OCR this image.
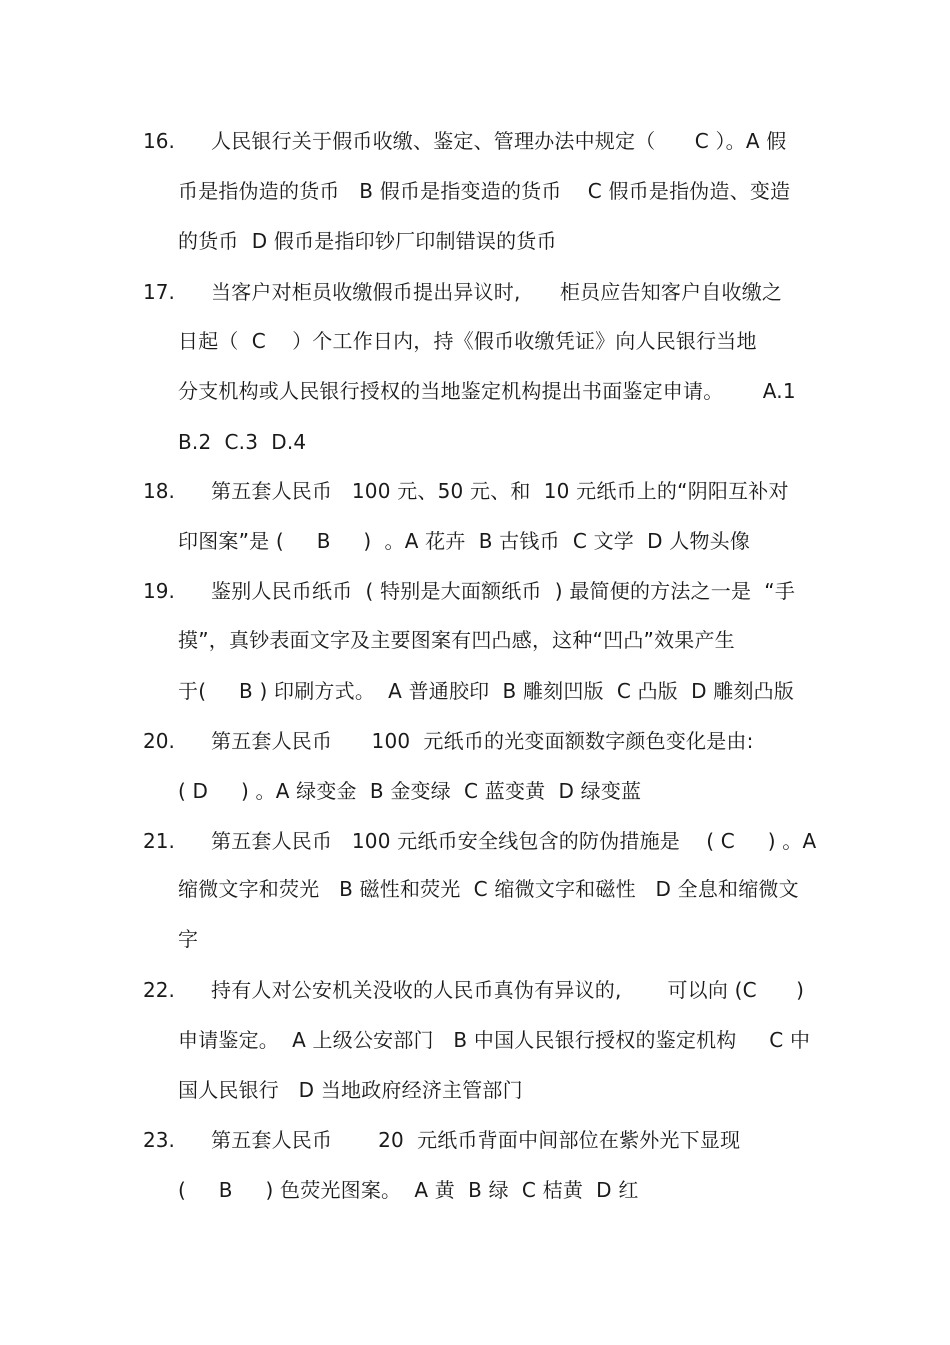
16. 人民银行关于假币收缴、鉴定、管理办法中规定（      C ）。A 假
币是指伪造的货币   B 假币是指变造的货币    C 假币是指伪造、变造
的货币  D 假币是指印钞厂印制错误的货币
17. 当客户对柜员收缴假币提出异议时,      柜员应告知客户自收缴之
日起（  C    ）个工作日内，持《假币收缴凭证》向人民银行当地
分支机构或人民银行授权的当地鉴定机构提出书面鉴定申请。      A.1
B.2  C.3  D.4
18. 第五套人民币   100 元、50 元、和  10 元纸币上的“阴阳互补对
印图案”是 (     B     )  。A 花卉  B 古钱币  C 文学  D 人物头像
19. 鉴别人民币纸币  ( 特别是大面额纸币  ) 最简便的方法之一是  “手
摸”，真钞表面文字及主要图案有凹凸感，这种“凹凸”效果产生
于(     B ) 印刷方式。  A 普通胶印  B 雕刻凹版  C 凸版  D 雕刻凸版
20. 第五套人民币      100  元纸币的光变面额数字颜色变化是由:
( D     ) 。A 绿变金  B 金变绿  C 蓝变黄  D 绿变蓝
21. 第五套人民币   100 元纸币安全线包含的防伪措施是    ( C     ) 。A
缩微文字和荧光   B 磁性和荧光  C 缩微文字和磁性   D 全息和缩微文
字
22. 持有人对公安机关没收的人民币真伪有异议的,       可以向 (C      )
申请鉴定。  A 上级公安部门   B 中国人民银行授权的鉴定机构     C 中
国人民银行   D 当地政府经济主管部门
23. 第五套人民币       20  元纸币背面中间部位在紫外光下显现
(     B     ) 色荧光图案。  A 黄  B 绿  C 桔黄  D 红
